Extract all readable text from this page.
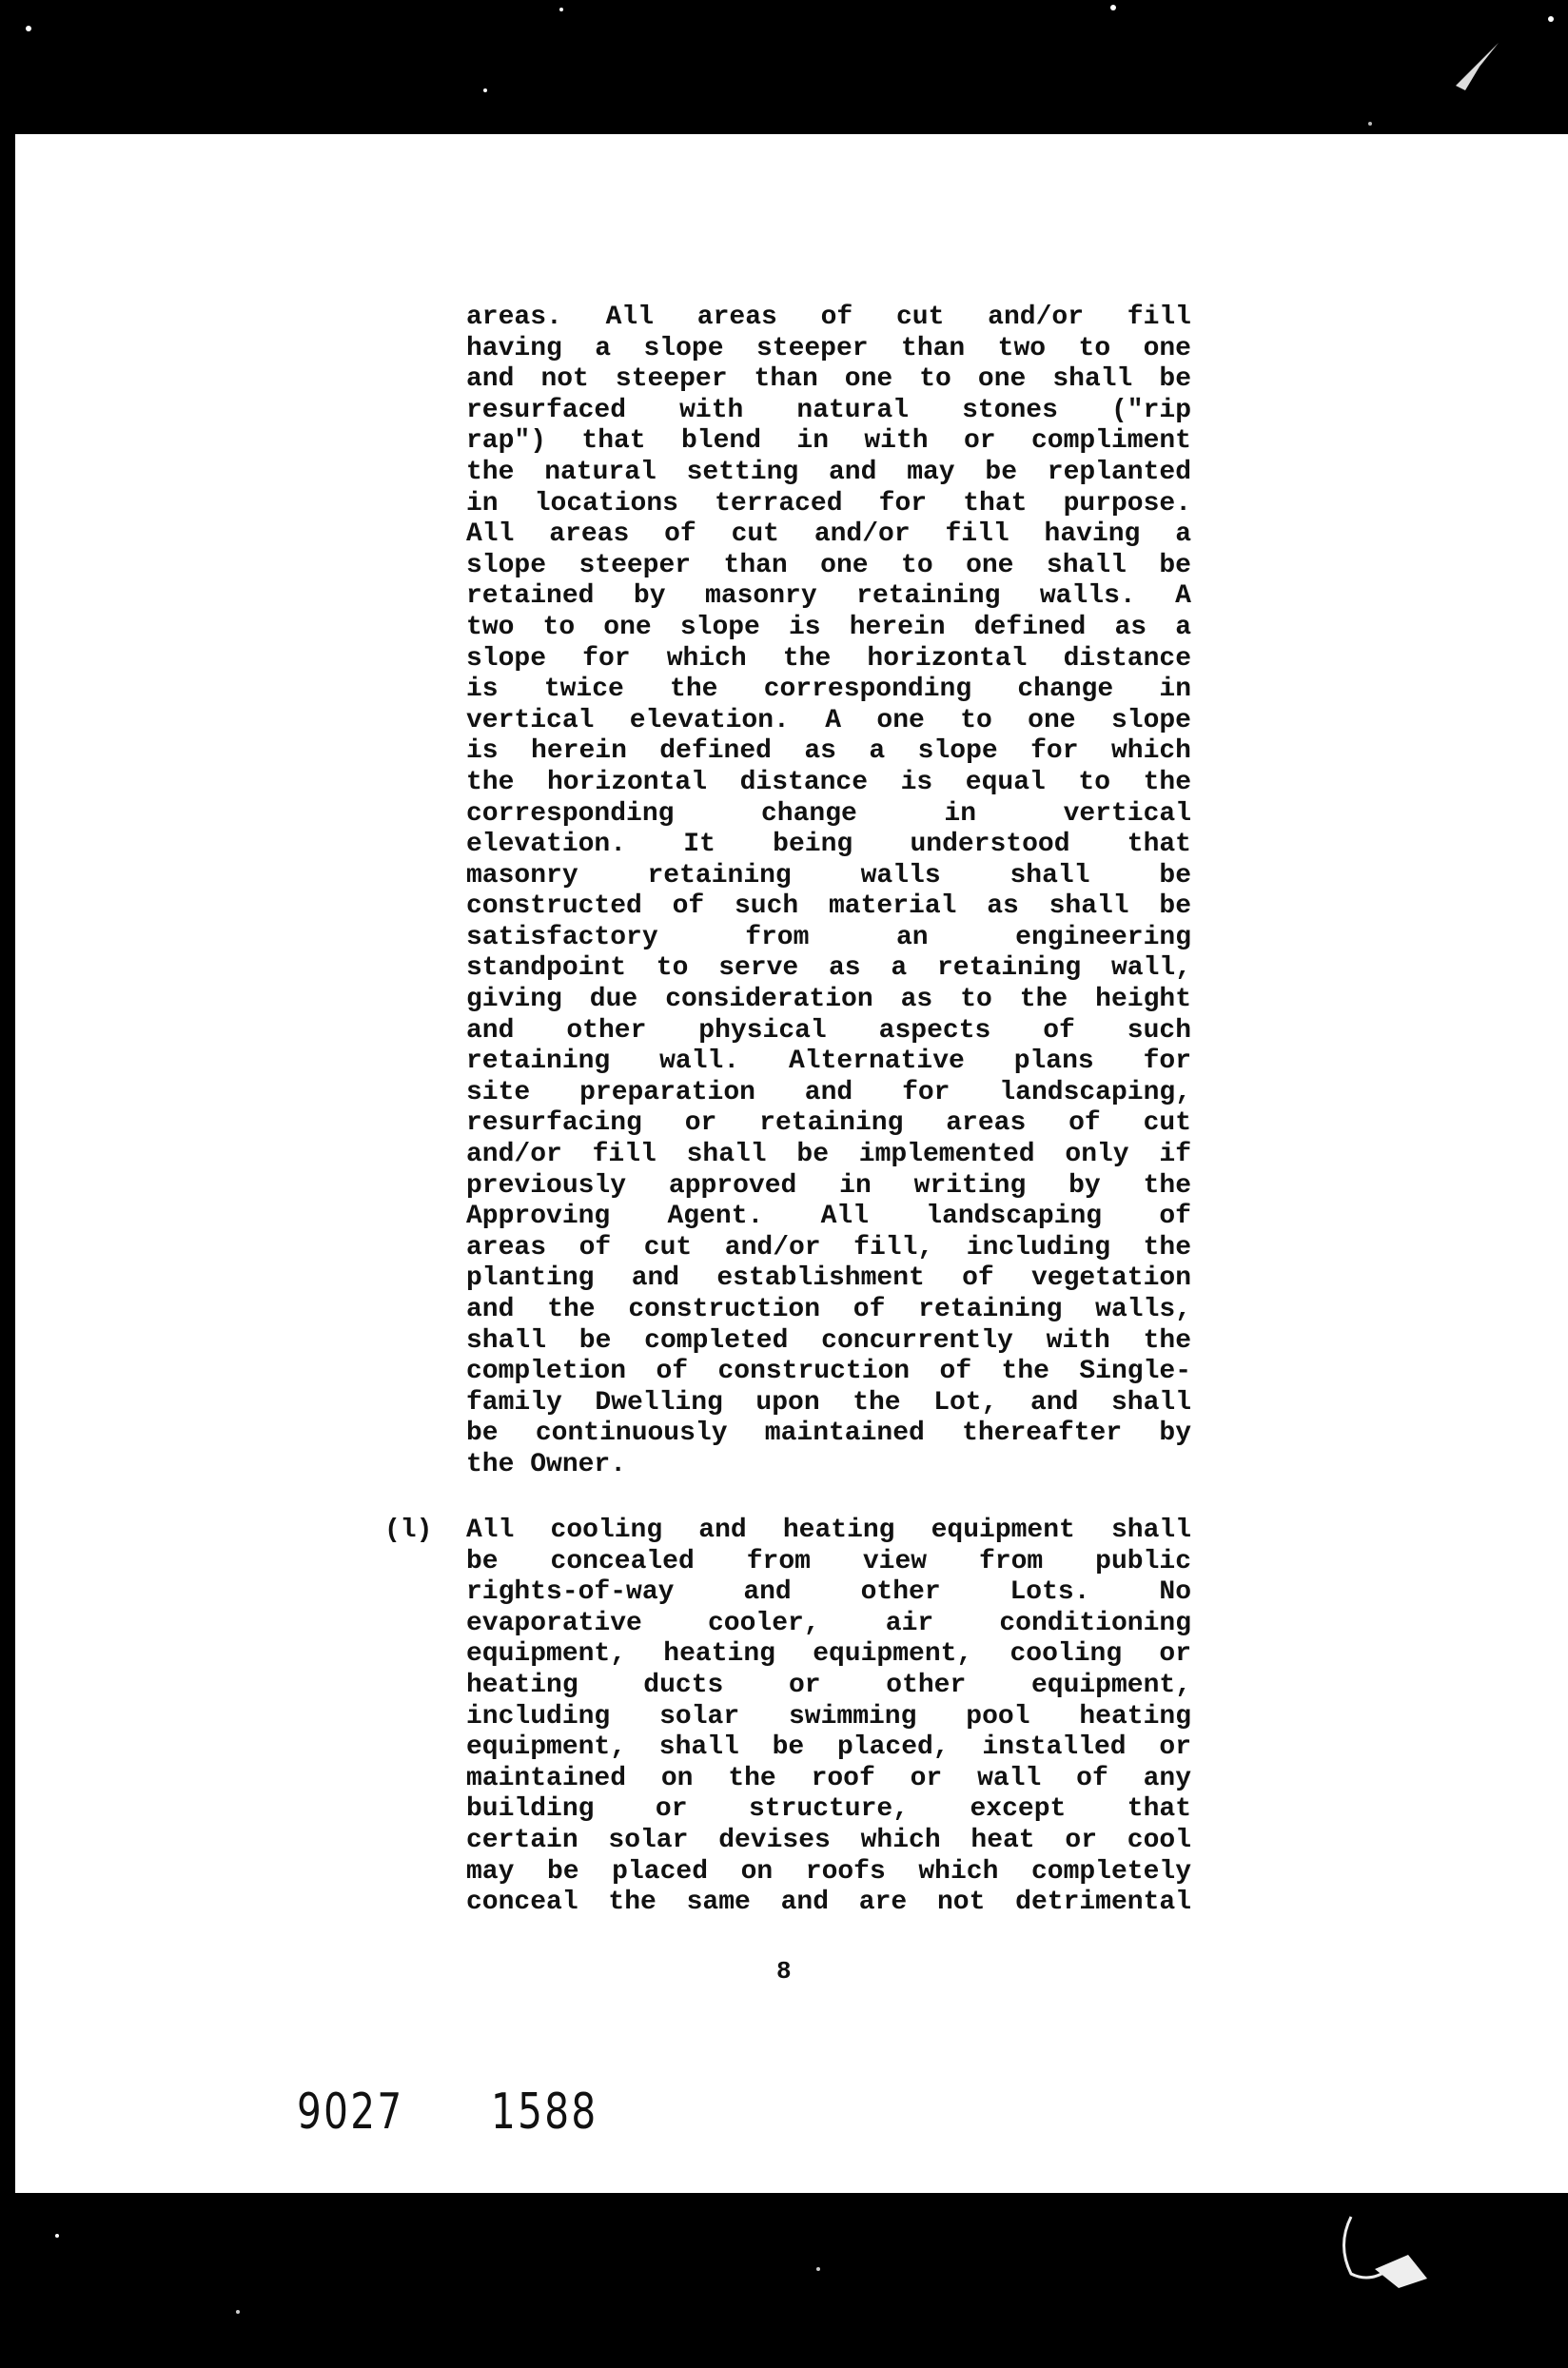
areas. All areas of cut and/or fill
having a slope steeper than two to one
and not steeper than one to one shall be
resurfaced with natural stones ("rip
rap") that blend in with or compliment
the natural setting and may be replanted
in locations terraced for that purpose.
All areas of cut and/or fill having a
slope steeper than one to one shall be
retained by masonry retaining walls. A
two to one slope is herein defined as a
slope for which the horizontal distance
is twice the corresponding change in
vertical elevation. A one to one slope
is herein defined as a slope for which
the horizontal distance is equal to the
corresponding change in vertical
elevation. It being understood that
masonry retaining walls shall be
constructed of such material as shall be
satisfactory from an engineering
standpoint to serve as a retaining wall,
giving due consideration as to the height
and other physical aspects of such
retaining wall. Alternative plans for
site preparation and for landscaping,
resurfacing or retaining areas of cut
and/or fill shall be implemented only if
previously approved in writing by the
Approving Agent. All landscaping of
areas of cut and/or fill, including the
planting and establishment of vegetation
and the construction of retaining walls,
shall be completed concurrently with the
completion of construction of the Single-
family Dwelling upon the Lot, and shall
be continuously maintained thereafter by
the Owner.
(l) All cooling and heating equipment shall
be concealed from view from public
rights-of-way and other Lots. No
evaporative cooler, air conditioning
equipment, heating equipment, cooling or
heating ducts or other equipment,
including solar swimming pool heating
equipment, shall be placed, installed or
maintained on the roof or wall of any
building or structure, except that
certain solar devises which heat or cool
may be placed on roofs which completely
conceal the same and are not detrimental
8
9027 1588
